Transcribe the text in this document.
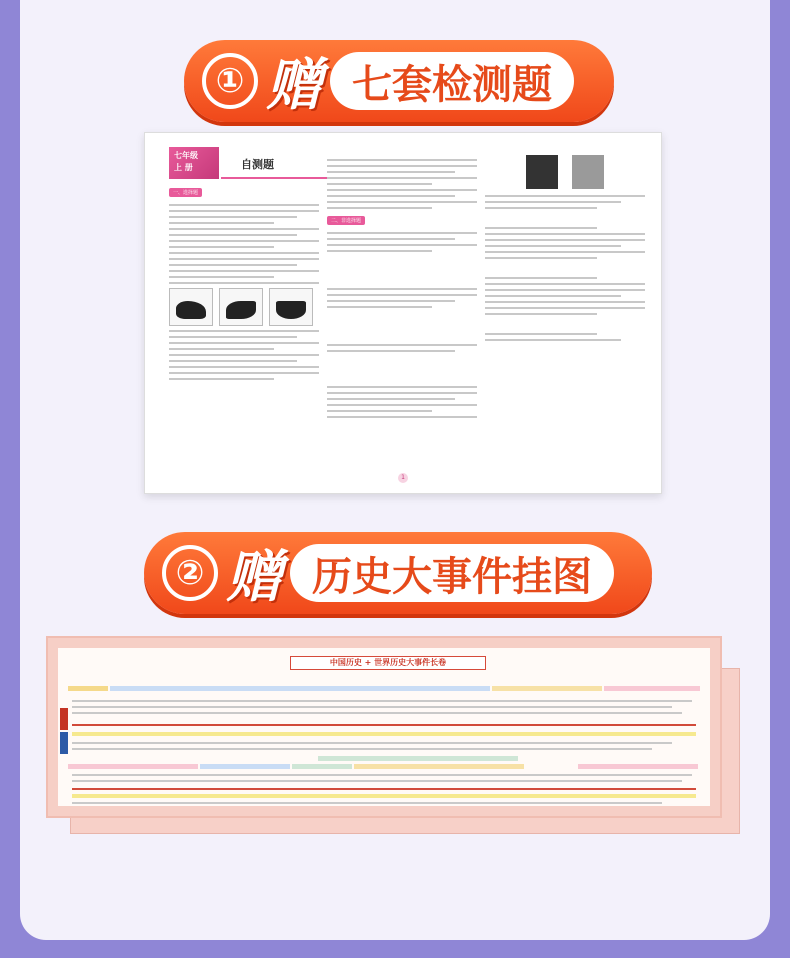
① 赠 七套检测题
七年级
上 册	自测题
一、选择题
二、非选择题

1
② 赠 历史大事件挂图
中国历史 + 世界历史大事件长卷
